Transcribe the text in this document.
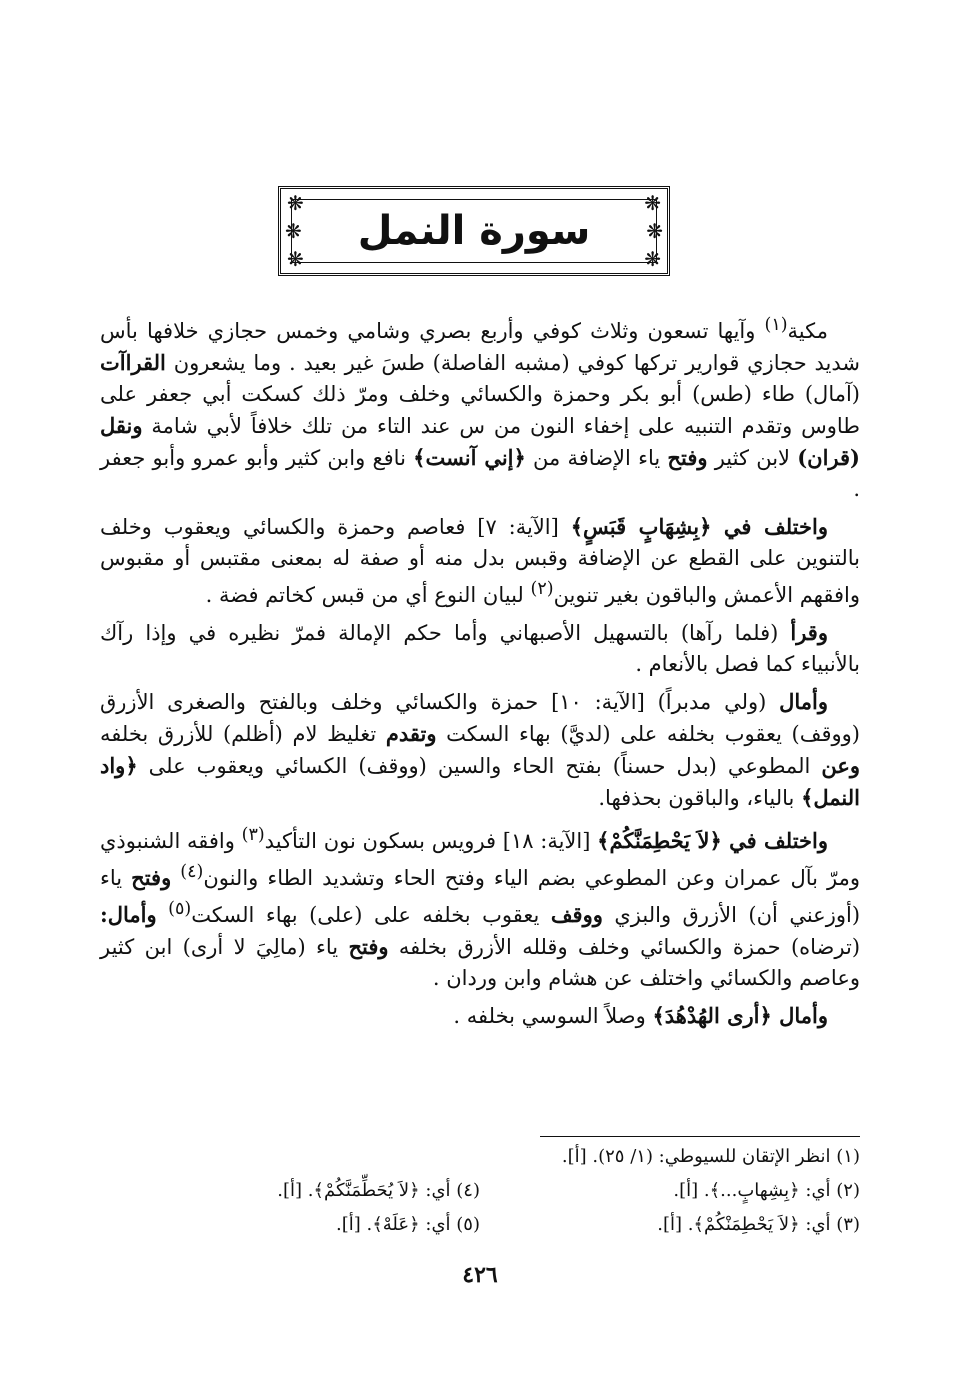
❋	❋
❋	❋
❋	❋
سورة النمل

مكية$^{(١)}$ وآيها تسعون وثلاث كوفي وأربع بصري وشامي وخمس حجازي خلافها بأس شديد حجازي قوارير تركها كوفي (مشبه الفاصلة) طسَ غير بعيد . وما يشعرون القراآت (آمال) طاء (طس) أبو بكر وحمزة والكسائي وخلف ومرّ ذلك كسكت أبي جعفر على طاوس وتقدم التنبيه على إخفاء النون من س عند التاء من تلك خلافاً لأبي شامة ونقل (قران) لابن كثير وفتح ياء الإضافة من ﴿إني آنست﴾ نافع وابن كثير وأبو عمرو وأبو جعفر .

واختلف في ﴿بِشِهَابٍ قَبَسٍ﴾ [الآية: ٧] فعاصم وحمزة والكسائي ويعقوب وخلف بالتنوين على القطع عن الإضافة وقبس بدل منه أو صفة له بمعنى مقتبس أو مقبوس وافقهم الأعمش والباقون بغير تنوين$^{(٢)}$ لبيان النوع أي من قبس كخاتم فضة .

وقرأ (فلما رآها) بالتسهيل الأصبهاني وأما حكم الإمالة فمرّ نظيره في وإذا رآك بالأنبياء كما فصل بالأنعام .

وأمال (ولي مدبراً) [الآية: ١٠] حمزة والكسائي وخلف وبالفتح والصغرى الأزرق (ووقف) يعقوب بخلفه على (لديَّ) بهاء السكت وتقدم تغليظ لام (أظلم) للأزرق بخلفه وعن المطوعي (بدل حسناً) بفتح الحاء والسين (ووقف) الكسائي ويعقوب على ﴿واد النمل﴾ بالياء، والباقون بحذفها.

واختلف في ﴿لاَ يَحْطِمَنَّكُمْ﴾ [الآية: ١٨] فرويس بسكون نون التأكيد$^{(٣)}$ وافقه الشنبوذي ومرّ بآل عمران وعن المطوعي بضم الياء وفتح الحاء وتشديد الطاء والنون$^{(٤)}$ وفتح ياء (أوزعني أن) الأزرق والبزي ووقف يعقوب بخلفه على (على) بهاء السكت$^{(٥)}$ وأمال: (ترضاه) حمزة والكسائي وخلف وقلله الأزرق بخلفه وفتح ياء (مالِيَ لا أرى) ابن كثير وعاصم والكسائي واختلف عن هشام وابن وردان .

وأمال ﴿أرى الهُدْهُدَ﴾ وصلاً السوسي بخلفه .

(١) انظر الإتقان للسيوطي: (١/ ٢٥). [أ].
(٢) أي: ﴿بِشِهابٍ...﴾. [أ].
(٤) أي: ﴿لاَ يُحَطِّمَنَّكُمْ﴾. [أ].
(٣) أي: ﴿لاَ يَحْطِمَنْكُمْ﴾. [أ].
(٥) أي: ﴿عَلَهْ﴾. [أ].
٤٢٦
